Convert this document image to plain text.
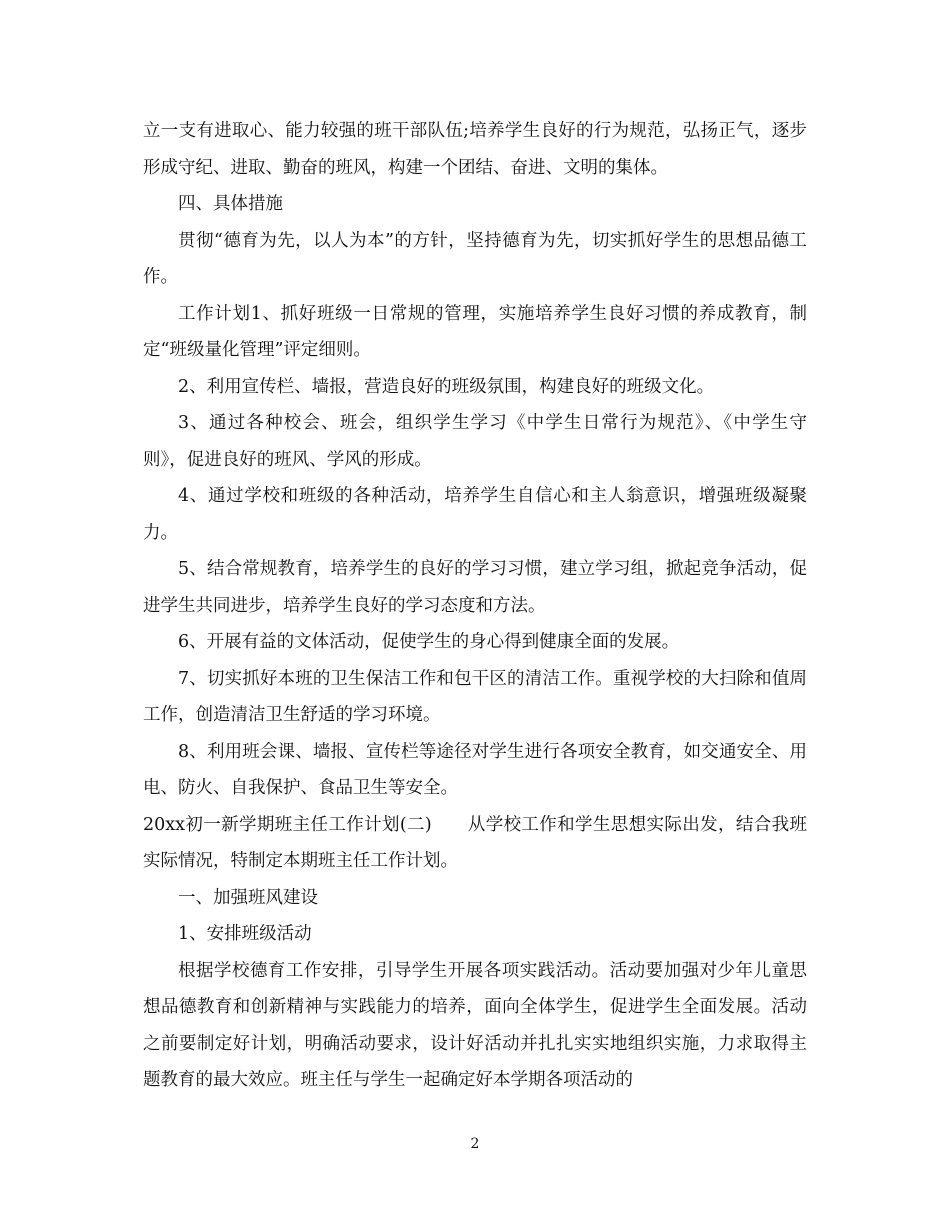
立一支有进取心、能力较强的班干部队伍;培养学生良好的行为规范，弘扬正气，逐步形成守纪、进取、勤奋的班风，构建一个团结、奋进、文明的集体。

四、具体措施

贯彻“德育为先，以人为本”的方针，坚持德育为先，切实抓好学生的思想品德工作。

工作计划1、抓好班级一日常规的管理，实施培养学生良好习惯的养成教育，制定“班级量化管理”评定细则。

2、利用宣传栏、墙报，营造良好的班级氛围，构建良好的班级文化。

3、通过各种校会、班会，组织学生学习《中学生日常行为规范》、《中学生守则》，促进良好的班风、学风的形成。

4、通过学校和班级的各种活动，培养学生自信心和主人翁意识，增强班级凝聚力。

5、结合常规教育，培养学生的良好的学习习惯，建立学习组，掀起竞争活动，促进学生共同进步，培养学生良好的学习态度和方法。

6、开展有益的文体活动，促使学生的身心得到健康全面的发展。

7、切实抓好本班的卫生保洁工作和包干区的清洁工作。重视学校的大扫除和值周工作，创造清洁卫生舒适的学习环境。

8、利用班会课、墙报、宣传栏等途径对学生进行各项安全教育，如交通安全、用电、防火、自我保护、食品卫生等安全。

20xx初一新学期班主任工作计划(二)　　从学校工作和学生思想实际出发，结合我班实际情况，特制定本期班主任工作计划。

一、加强班风建设

1、安排班级活动

根据学校德育工作安排，引导学生开展各项实践活动。活动要加强对少年儿童思想品德教育和创新精神与实践能力的培养，面向全体学生，促进学生全面发展。活动之前要制定好计划，明确活动要求，设计好活动并扎扎实实地组织实施，力求取得主题教育的最大效应。班主任与学生一起确定好本学期各项活动的

2
